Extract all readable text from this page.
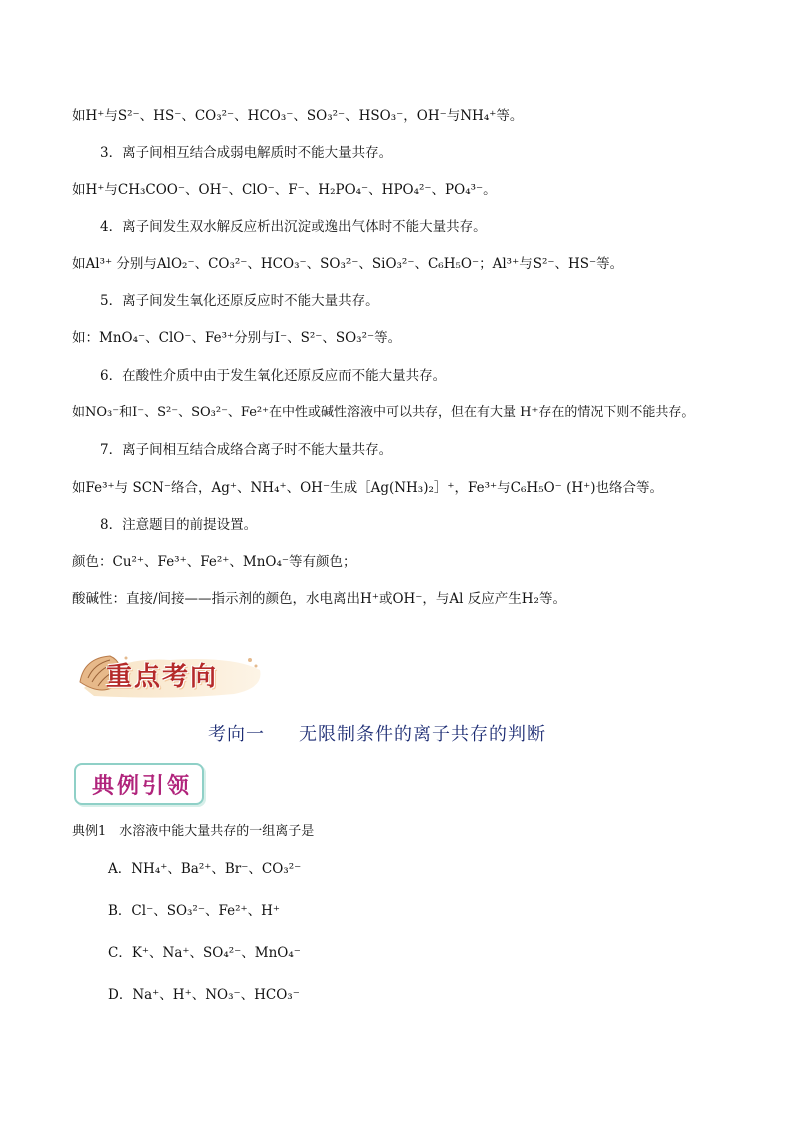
如H⁺与S²⁻、HS⁻、CO₃²⁻、HCO₃⁻、SO₃²⁻、HSO₃⁻，OH⁻与NH₄⁺等。
3．离子间相互结合成弱电解质时不能大量共存。
如H⁺与CH₃COO⁻、OH⁻、ClO⁻、F⁻、H₂PO₄⁻、HPO₄²⁻、PO₄³⁻。
4．离子间发生双水解反应析出沉淀或逸出气体时不能大量共存。
如Al³⁺ 分别与AlO₂⁻、CO₃²⁻、HCO₃⁻、SO₃²⁻、SiO₃²⁻、C₆H₅O⁻；Al³⁺与S²⁻、HS⁻等。
5．离子间发生氧化还原反应时不能大量共存。
如：MnO₄⁻、ClO⁻、Fe³⁺分别与I⁻、S²⁻、SO₃²⁻等。
6．在酸性介质中由于发生氧化还原反应而不能大量共存。
如NO₃⁻和I⁻、S²⁻、SO₃²⁻、Fe²⁺在中性或碱性溶液中可以共存，但在有大量 H⁺存在的情况下则不能共存。
7．离子间相互结合成络合离子时不能大量共存。
如Fe³⁺与 SCN⁻络合，Ag⁺、NH₄⁺、OH⁻生成［Ag(NH₃)₂］⁺，Fe³⁺与C₆H₅O⁻ (H⁺)也络合等。
8．注意题目的前提设置。
颜色：Cu²⁺、Fe³⁺、Fe²⁺、MnO₄⁻等有颜色；
酸碱性：直接/间接——指示剂的颜色，水电离出H⁺或OH⁻，与Al 反应产生H₂等。
重点考向
考向一 无限制条件的离子共存的判断
典例引领
典例1　水溶液中能大量共存的一组离子是
A．NH₄⁺、Ba²⁺、Br⁻、CO₃²⁻
B．Cl⁻、SO₃²⁻、Fe²⁺、H⁺
C．K⁺、Na⁺、SO₄²⁻、MnO₄⁻
D．Na⁺、H⁺、NO₃⁻、HCO₃⁻
